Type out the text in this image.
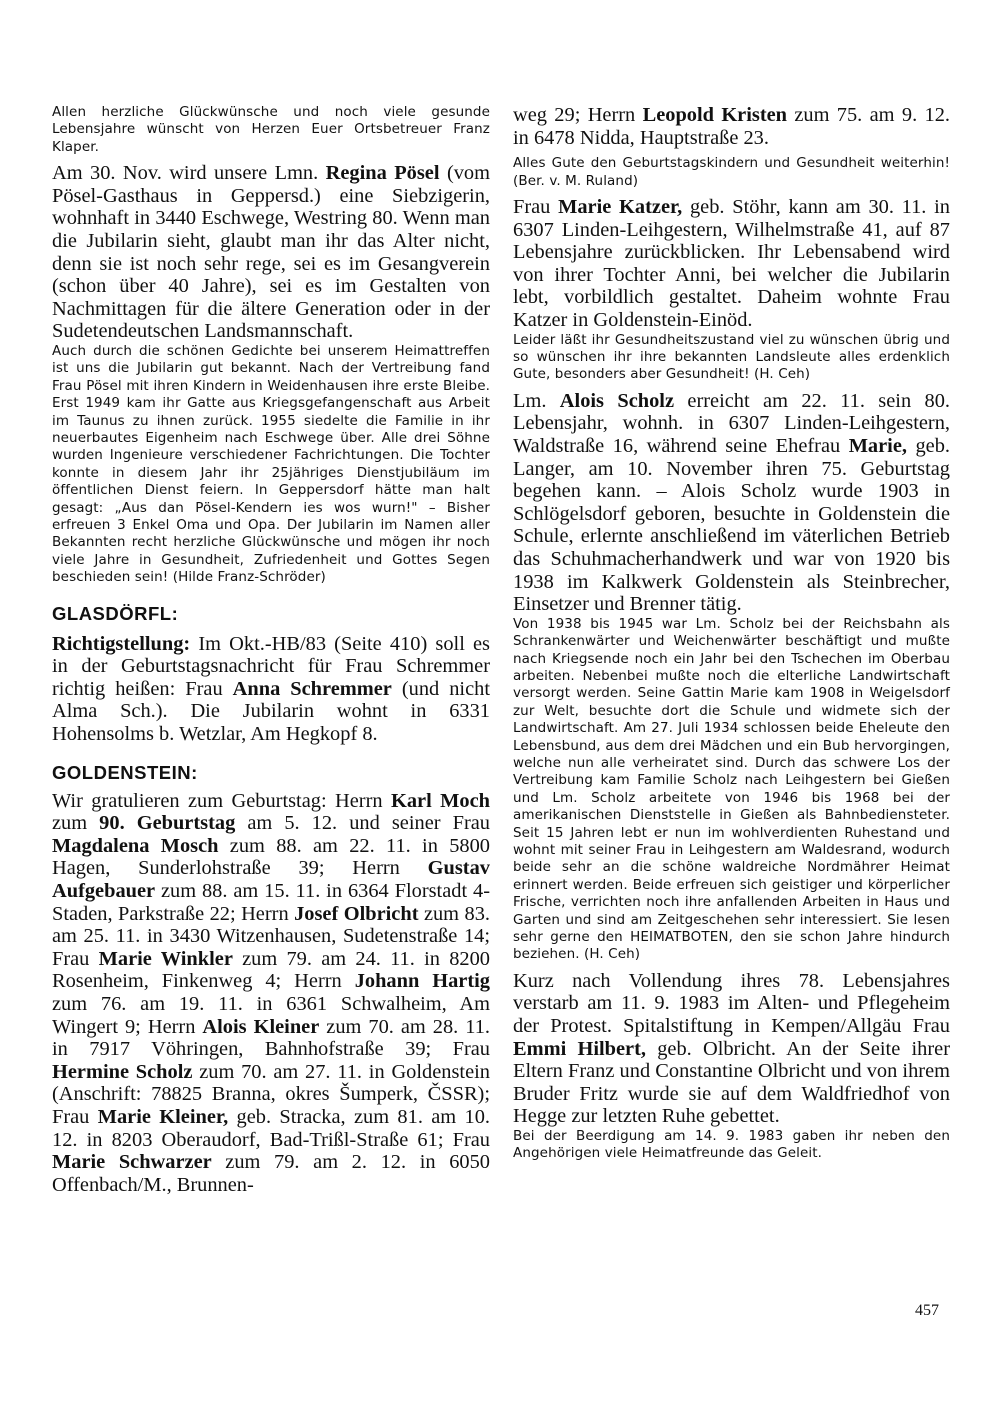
Allen herzliche Glückwünsche und noch viele gesunde Lebensjahre wünscht von Herzen Euer Ortsbetreuer Franz Klaper.

Am 30. Nov. wird unsere Lmn. Regina Pösel (vom Pösel-Gasthaus in Geppersd.) eine Siebzigerin, wohnhaft in 3440 Eschwege, Westring 80. Wenn man die Jubilarin sieht, glaubt man ihr das Alter nicht, denn sie ist noch sehr rege, sei es im Gesangverein (schon über 40 Jahre), sei es im Gestalten von Nachmittagen für die ältere Generation oder in der Sudetendeutschen Landsmannschaft.

Auch durch die schönen Gedichte bei unserem Heimattreffen ist uns die Jubilarin gut bekannt. Nach der Vertreibung fand Frau Pösel mit ihren Kindern in Weidenhausen ihre erste Bleibe. Erst 1949 kam ihr Gatte aus Kriegsgefangenschaft aus Arbeit im Taunus zu ihnen zurück. 1955 siedelte die Familie in ihr neuerbautes Eigenheim nach Eschwege über. Alle drei Söhne wurden Ingenieure verschiedener Fachrichtungen. Die Tochter konnte in diesem Jahr ihr 25jähriges Dienstjubiläum im öffentlichen Dienst feiern. In Geppersdorf hätte man halt gesagt: „Aus dan Pösel-Kendern ies wos wurn!" – Bisher erfreuen 3 Enkel Oma und Opa. Der Jubilarin im Namen aller Bekannten recht herzliche Glückwünsche und mögen ihr noch viele Jahre in Gesundheit, Zufriedenheit und Gottes Segen beschieden sein! (Hilde Franz-Schröder)

GLASDÖRFL:

Richtigstellung: Im Okt.-HB/83 (Seite 410) soll es in der Geburtstagsnachricht für Frau Schremmer richtig heißen: Frau Anna Schremmer (und nicht Alma Sch.). Die Jubilarin wohnt in 6331 Hohensolms b. Wetzlar, Am Hegkopf 8.

GOLDENSTEIN:

Wir gratulieren zum Geburtstag: Herrn Karl Moch zum 90. Geburtstag am 5. 12. und seiner Frau Magdalena Mosch zum 88. am 22. 11. in 5800 Hagen, Sunderlohstraße 39; Herrn Gustav Aufgebauer zum 88. am 15. 11. in 6364 Florstadt 4-Staden, Parkstraße 22; Herrn Josef Olbricht zum 83. am 25. 11. in 3430 Witzenhausen, Sudetenstraße 14; Frau Marie Winkler zum 79. am 24. 11. in 8200 Rosenheim, Finkenweg 4; Herrn Johann Hartig zum 76. am 19. 11. in 6361 Schwalheim, Am Wingert 9; Herrn Alois Kleiner zum 70. am 28. 11. in 7917 Vöhringen, Bahnhofstraße 39; Frau Hermine Scholz zum 70. am 27. 11. in Goldenstein (Anschrift: 78825 Branna, okres Šumperk, ČSSR); Frau Marie Kleiner, geb. Stracka, zum 81. am 10. 12. in 8203 Oberaudorf, Bad-Trißl-Straße 61; Frau Marie Schwarzer zum 79. am 2. 12. in 6050 Offenbach/M., Brunnen-

weg 29; Herrn Leopold Kristen zum 75. am 9. 12. in 6478 Nidda, Hauptstraße 23.

Alles Gute den Geburtstagskindern und Gesundheit weiterhin! (Ber. v. M. Ruland)

Frau Marie Katzer, geb. Stöhr, kann am 30. 11. in 6307 Linden-Leihgestern, Wilhelmstraße 41, auf 87 Lebensjahre zurückblicken. Ihr Lebensabend wird von ihrer Tochter Anni, bei welcher die Jubilarin lebt, vorbildlich gestaltet. Daheim wohnte Frau Katzer in Goldenstein-Einöd.

Leider läßt ihr Gesundheitszustand viel zu wünschen übrig und so wünschen ihr ihre bekannten Landsleute alles erdenklich Gute, besonders aber Gesundheit! (H. Ceh)

Lm. Alois Scholz erreicht am 22. 11. sein 80. Lebensjahr, wohnh. in 6307 Linden-Leihgestern, Waldstraße 16, während seine Ehefrau Marie, geb. Langer, am 10. November ihren 75. Geburtstag begehen kann. – Alois Scholz wurde 1903 in Schlögelsdorf geboren, besuchte in Goldenstein die Schule, erlernte anschließend im väterlichen Betrieb das Schuhmacherhandwerk und war von 1920 bis 1938 im Kalkwerk Goldenstein als Steinbrecher, Einsetzer und Brenner tätig.

Von 1938 bis 1945 war Lm. Scholz bei der Reichsbahn als Schrankenwärter und Weichenwärter beschäftigt und mußte nach Kriegsende noch ein Jahr bei den Tschechen im Oberbau arbeiten. Nebenbei mußte noch die elterliche Landwirtschaft versorgt werden. Seine Gattin Marie kam 1908 in Weigelsdorf zur Welt, besuchte dort die Schule und widmete sich der Landwirtschaft. Am 27. Juli 1934 schlossen beide Eheleute den Lebensbund, aus dem drei Mädchen und ein Bub hervorgingen, welche nun alle verheiratet sind. Durch das schwere Los der Vertreibung kam Familie Scholz nach Leihgestern bei Gießen und Lm. Scholz arbeitete von 1946 bis 1968 bei der amerikanischen Dienststelle in Gießen als Bahnbediensteter. Seit 15 Jahren lebt er nun im wohlverdienten Ruhestand und wohnt mit seiner Frau in Leihgestern am Waldesrand, wodurch beide sehr an die schöne waldreiche Nordmährer Heimat erinnert werden. Beide erfreuen sich geistiger und körperlicher Frische, verrichten noch ihre anfallenden Arbeiten in Haus und Garten und sind am Zeitgeschehen sehr interessiert. Sie lesen sehr gerne den HEIMATBOTEN, den sie schon Jahre hindurch beziehen. (H. Ceh)

Kurz nach Vollendung ihres 78. Lebensjahres verstarb am 11. 9. 1983 im Alten- und Pflegeheim der Protest. Spitalstiftung in Kempen/Allgäu Frau Emmi Hilbert, geb. Olbricht. An der Seite ihrer Eltern Franz und Constantine Olbricht und von ihrem Bruder Fritz wurde sie auf dem Waldfriedhof von Hegge zur letzten Ruhe gebettet.

Bei der Beerdigung am 14. 9. 1983 gaben ihr neben den Angehörigen viele Heimatfreunde das Geleit.

457
